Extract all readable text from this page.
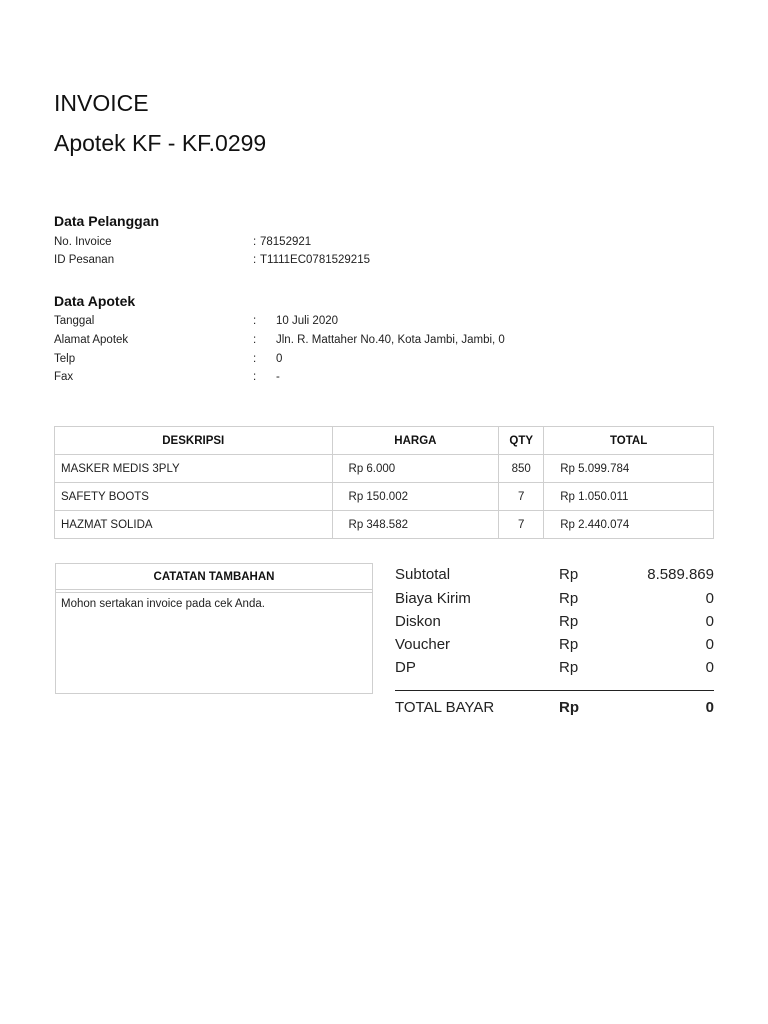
INVOICE
Apotek KF - KF.0299
Data Pelanggan
No. Invoice	: 78152921
ID Pesanan	: T1111EC0781529215
Data Apotek
Tanggal	: 10 Juli 2020
Alamat Apotek	: Jln. R. Mattaher No.40, Kota Jambi, Jambi, 0
Telp	: 0
Fax	: -
DESKRIPSI	HARGA	QTY	TOTAL
MASKER MEDIS 3PLY	Rp 6.000	850	Rp 5.099.784
SAFETY BOOTS	Rp 150.002	7	Rp 1.050.011
HAZMAT SOLIDA	Rp 348.582	7	Rp 2.440.074
CATATAN TAMBAHAN
Mohon sertakan invoice pada cek Anda.
Subtotal	Rp	8.589.869
Biaya Kirim	Rp	0
Diskon	Rp	0
Voucher	Rp	0
DP	Rp	0
TOTAL BAYAR	Rp	0
